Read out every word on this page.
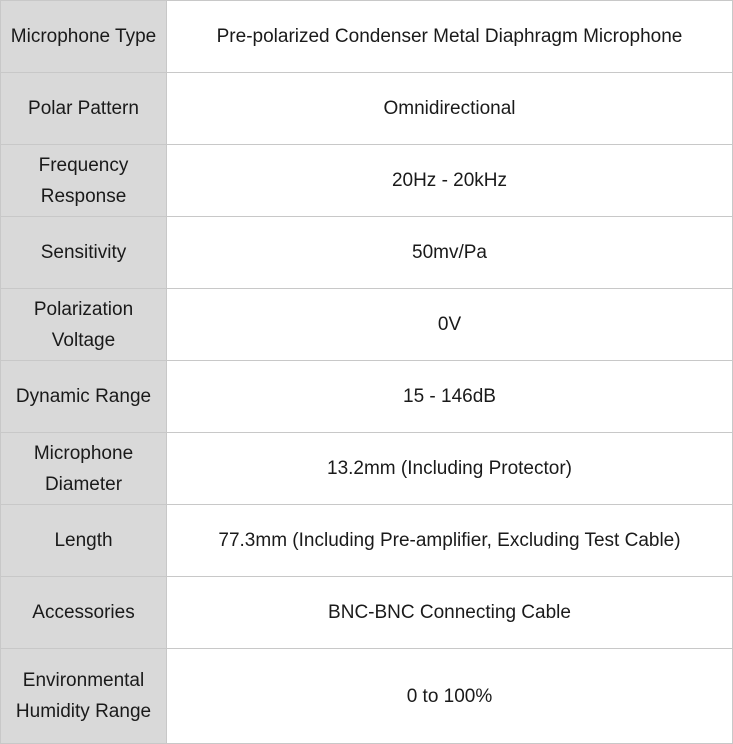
Microphone Type	Pre-polarized Condenser Metal Diaphragm Microphone

Polar Pattern	Omnidirectional

Frequency Response	20Hz - 20kHz

Sensitivity	50mv/Pa

Polarization Voltage	0V

Dynamic Range	15 - 146dB

Microphone Diameter	13.2mm (Including Protector)

Length	77.3mm (Including Pre-amplifier, Excluding Test Cable)

Accessories	BNC-BNC Connecting Cable

Environmental Humidity Range	0 to 100%
